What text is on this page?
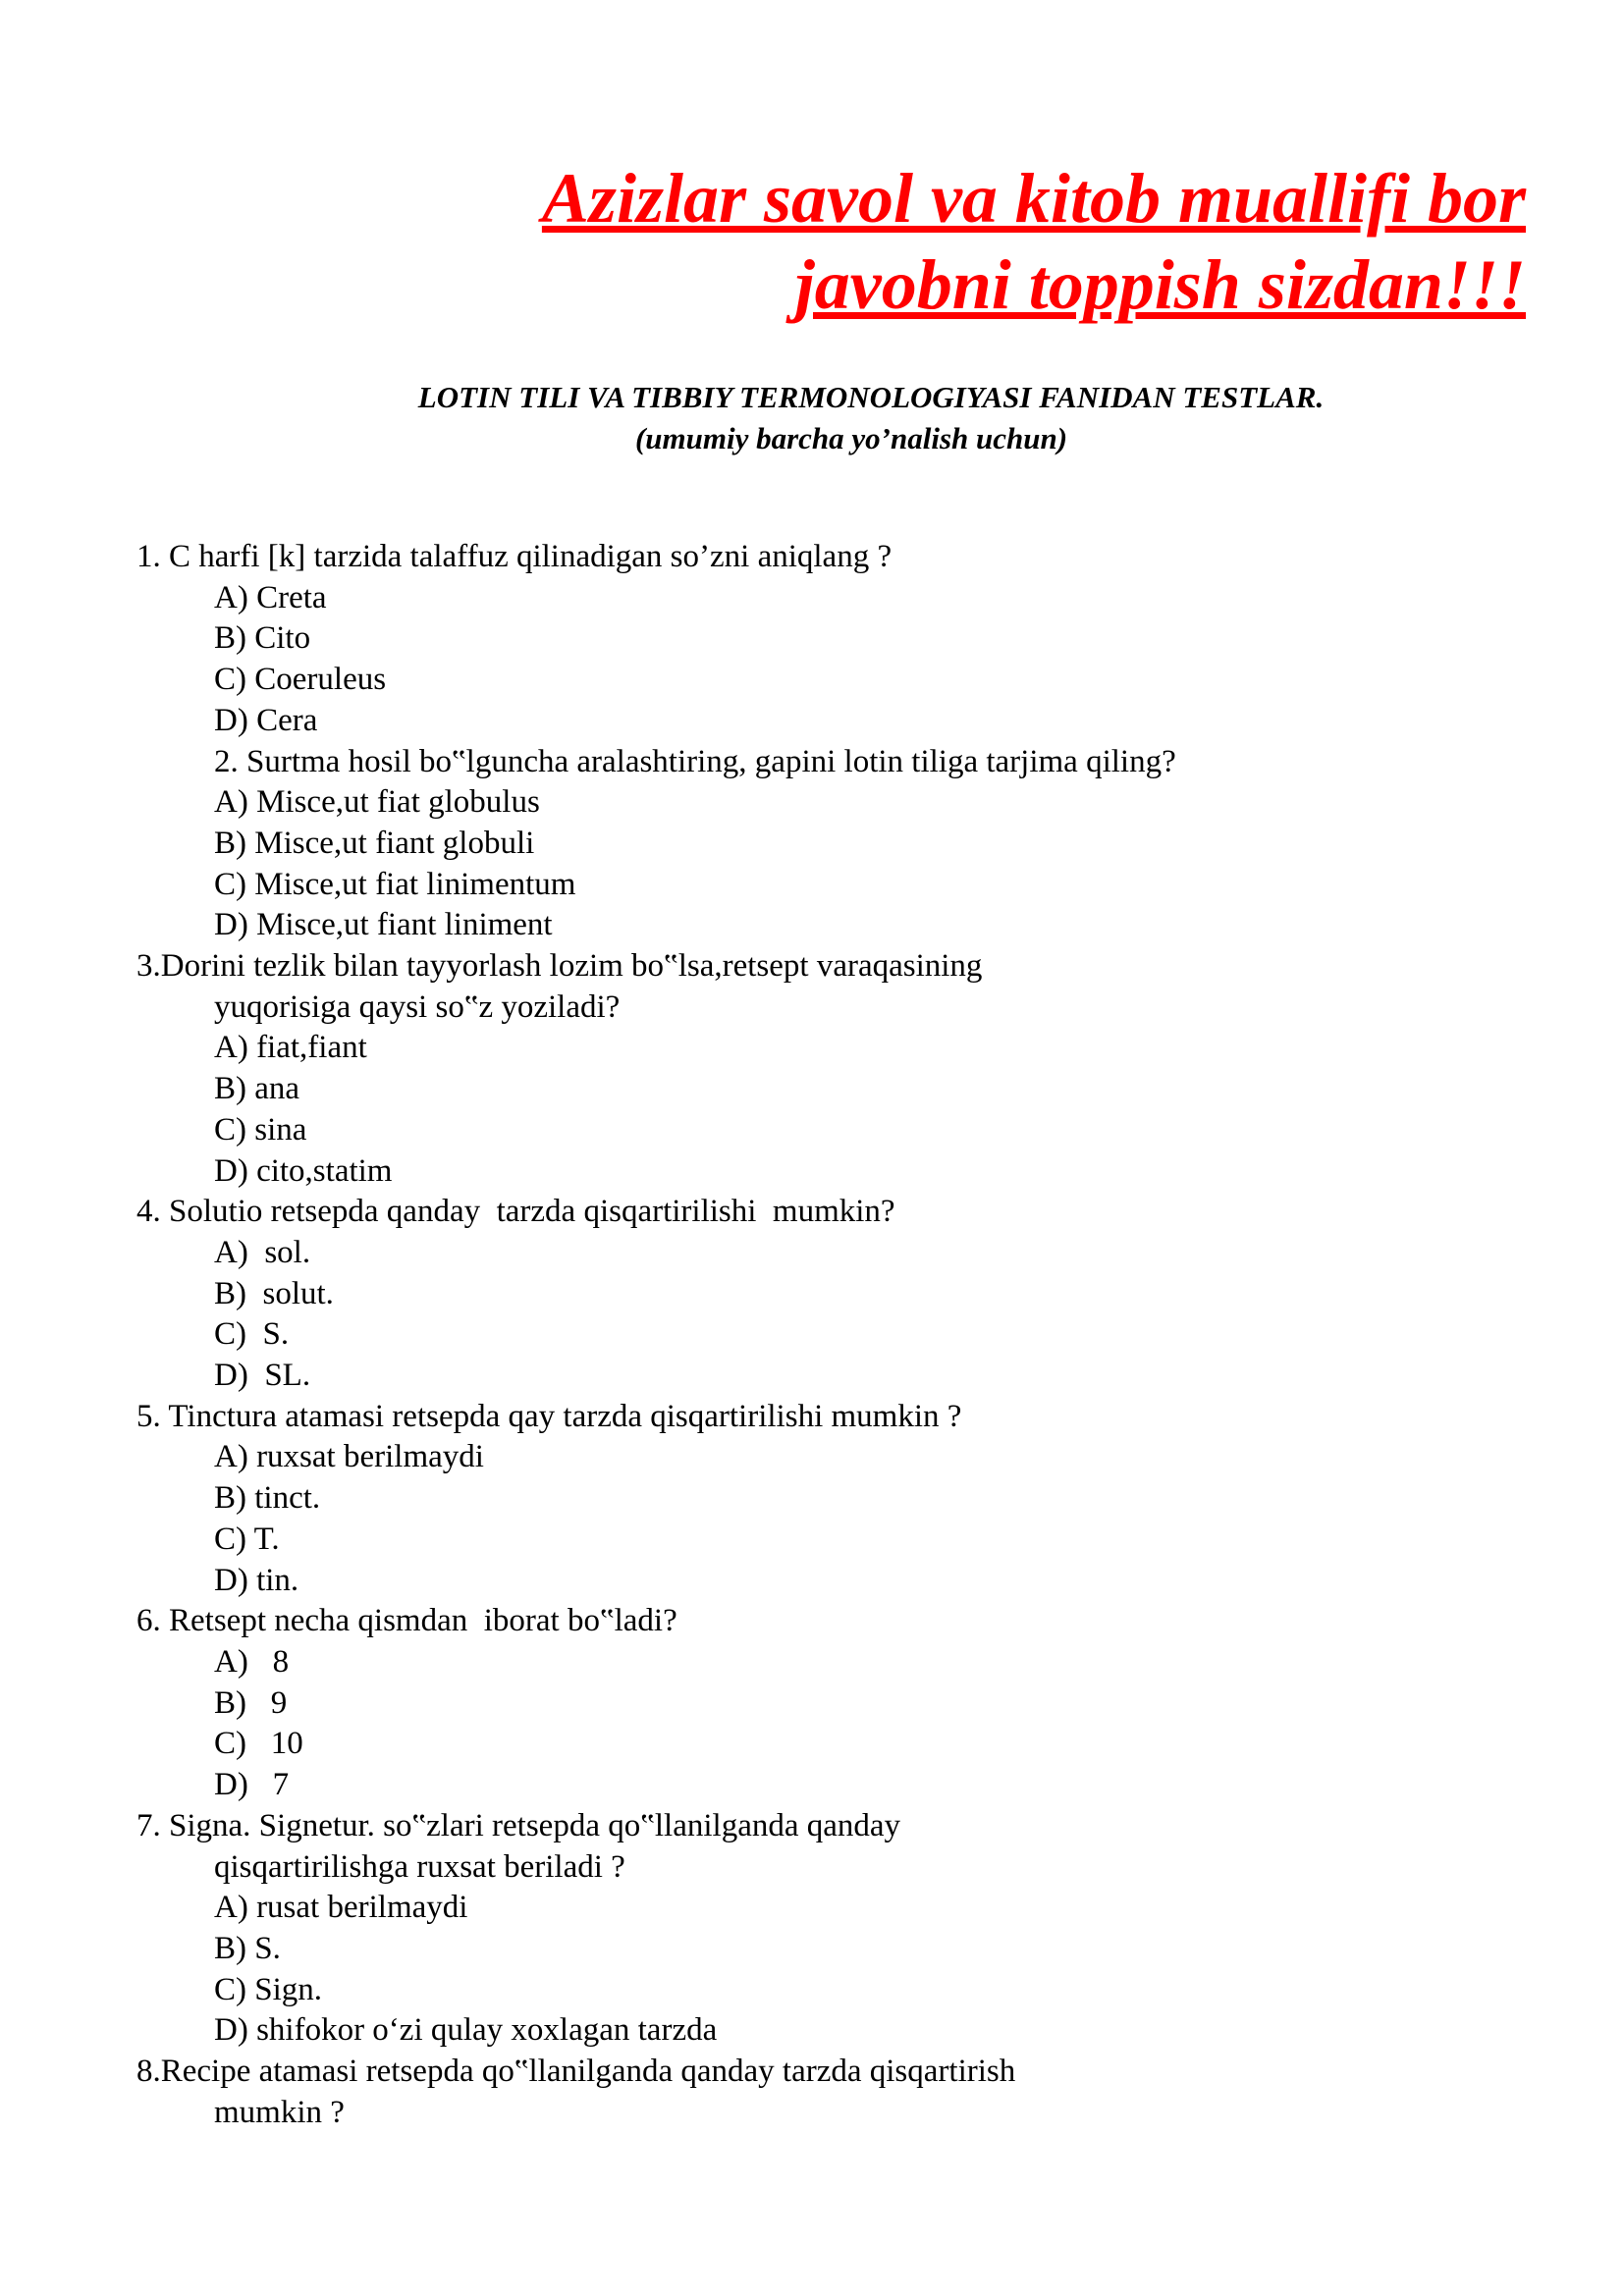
Azizlar savol va kitob muallifi bor
javobni toppish sizdan!!!
LOTIN TILI VA TIBBIY TERMONOLOGIYASI FANIDAN TESTLAR.
(umumiy barcha yo’nalish uchun)
1. C harfi [k] tarzida talaffuz qilinadigan so’zni aniqlang ?
A) Creta
B) Cito
C) Coeruleus
D) Cera
2. Surtma hosil bo‟lguncha aralashtiring, gapini lotin tiliga tarjima qiling?
A) Misce,ut fiat globulus
B) Misce,ut fiant globuli
C) Misce,ut fiat linimentum
D) Misce,ut fiant liniment
3.Dorini tezlik bilan tayyorlash lozim bo‟lsa,retsept varaqasining
yuqorisiga qaysi so‟z yoziladi?
A) fiat,fiant
B) ana
C) sina
D) cito,statim
4. Solutio retsepda qanday  tarzda qisqartirilishi  mumkin?
A)  sol.
B)  solut.
C)  S.
D)  SL.
5. Tinctura atamasi retsepda qay tarzda qisqartirilishi mumkin ?
A) ruxsat berilmaydi
B) tinct.
C) T.
D) tin.
6. Retsept necha qismdan  iborat bo‟ladi?
A)   8
B)   9
C)   10
D)   7
7. Signa. Signetur. so‟zlari retsepda qo‟llanilganda qanday
qisqartirilishga ruxsat beriladi ?
A) rusat berilmaydi
B) S.
C) Sign.
D) shifokor o‘zi qulay xoxlagan tarzda
8.Recipe atamasi retsepda qo‟llanilganda qanday tarzda qisqartirish
mumkin ?
